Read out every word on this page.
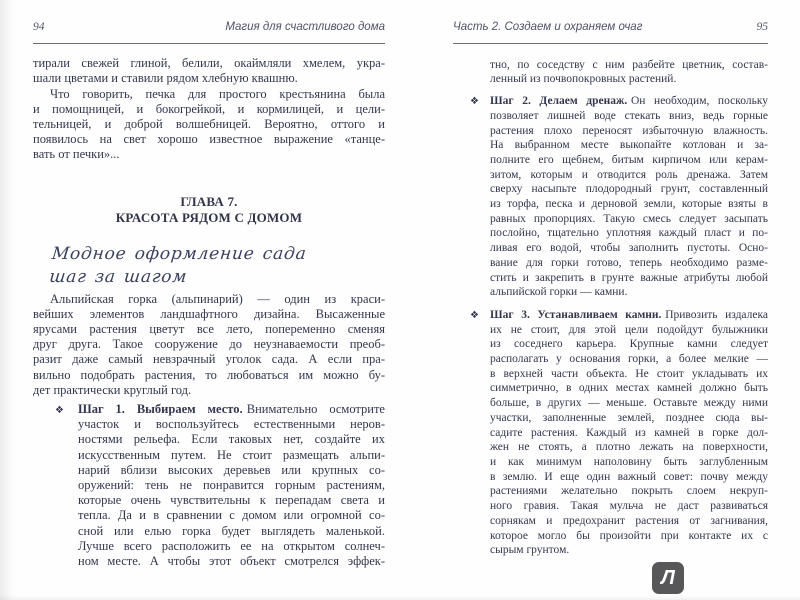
94	Магия для счастливого дома
тирали свежей глиной, белили, окаймляли хмелем, укра-
шали цветами и ставили рядом хлебную квашню.
Что говорить, печка для простого крестьянина была
и помощницей, и бокогрейкой, и кормилицей, и цели-
тельницей, и доброй волшебницей. Вероятно, оттого и
появилось на свет хорошо известное выражение «танце-
вать от печки»...
ГЛАВА 7.
КРАСОТА РЯДОМ С ДОМОМ
Модное оформление сада
шаг за шагом
Альпийская горка (альпинарий) — один из краси-
вейших элементов ландшафтного дизайна. Высаженные
ярусами растения цветут все лето, попеременно сменяя
друг друга. Такое сооружение до неузнаваемости преоб-
разит даже самый невзрачный уголок сада. А если пра-
вильно подобрать растения, то любоваться им можно бу-
дет практически круглый год.
❖ Шаг 1. Выбираем место. Внимательно осмотрите
участок и воспользуйтесь естественными неров-
ностями рельефа. Если таковых нет, создайте их
искусственным путем. Не стоит размещать альпи-
нарий вблизи высоких деревьев или крупных со-
оружений: тень не понравится горным растениям,
которые очень чувствительны к перепадам света и
тепла. Да и в сравнении с домом или огромной со-
сной или елью горка будет выглядеть маленькой.
Лучше всего расположить ее на открытом солнеч-
ном месте. А чтобы этот объект смотрелся эффек-
Часть 2. Создаем и охраняем очаг	95
тно, по соседству с ним разбейте цветник, состав-
ленный из почвопокровных растений.
❖ Шаг 2. Делаем дренаж. Он необходим, поскольку
позволяет лишней воде стекать вниз, ведь горные
растения плохо переносят избыточную влажность.
На выбранном месте выкопайте котлован и за-
полните его щебнем, битым кирпичом или керам-
зитом, которым и отводится роль дренажа. Затем
сверху насыпьте плодородный грунт, составленный
из торфа, песка и дерновой земли, которые взяты в
равных пропорциях. Такую смесь следует засыпать
послойно, тщательно уплотняя каждый пласт и по-
ливая его водой, чтобы заполнить пустоты. Осно-
вание для горки готово, теперь необходимо разме-
стить и закрепить в грунте важные атрибуты любой
альпийской горки — камни.
❖ Шаг 3. Устанавливаем камни. Привозить издалека
их не стоит, для этой цели подойдут булыжники
из соседнего карьера. Крупные камни следует
располагать у основания горки, а более мелкие —
в верхней части объекта. Не стоит укладывать их
симметрично, в одних местах камней должно быть
больше, в других — меньше. Оставьте между ними
участки, заполненные землей, позднее сюда вы-
садите растения. Каждый из камней в горке дол-
жен не стоять, а плотно лежать на поверхности,
и как минимум наполовину быть заглубленным
в землю. И еще один важный совет: почву между
растениями желательно покрыть слоем некруп-
ного гравия. Такая мульча не даст развиваться
сорнякам и предохранит растения от загнивания,
которое могло бы произойти при контакте их с
сырым грунтом.
Л
